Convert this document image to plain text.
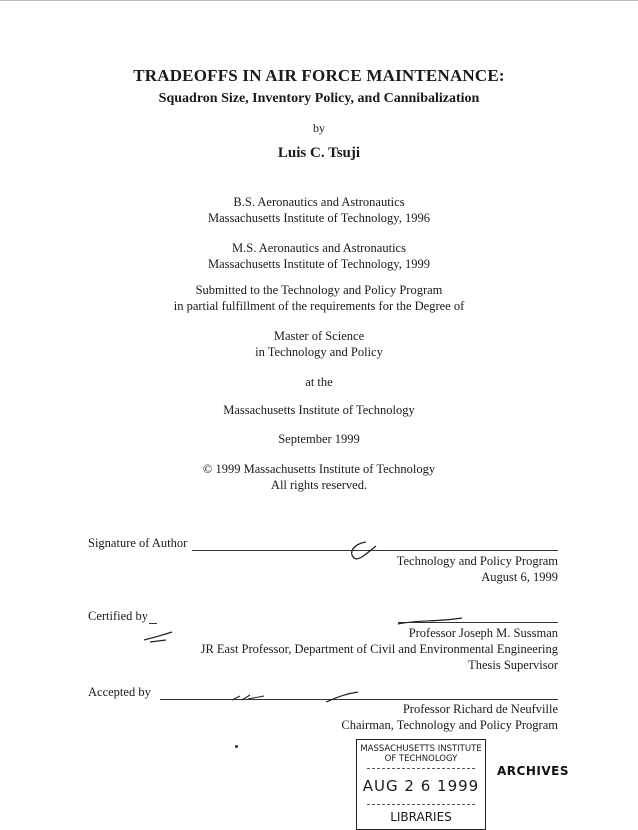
TRADEOFFS IN AIR FORCE MAINTENANCE:
Squadron Size, Inventory Policy, and Cannibalization
by
Luis C. Tsuji
B.S. Aeronautics and Astronautics
Massachusetts Institute of Technology, 1996
M.S. Aeronautics and Astronautics
Massachusetts Institute of Technology, 1999
Submitted to the Technology and Policy Program
in partial fulfillment of the requirements for the Degree of
Master of Science
in Technology and Policy
at the
Massachusetts Institute of Technology
September 1999
© 1999 Massachusetts Institute of Technology
All rights reserved.
Signature of Author
Technology and Policy Program
August 6, 1999
Certified by
Professor Joseph M. Sussman
JR East Professor, Department of Civil and Environmental Engineering
Thesis Supervisor
Accepted by
Professor Richard de Neufville
Chairman, Technology and Policy Program
MASSACHUSETTS INSTITUTE
OF TECHNOLOGY
AUG 2 6 1999
LIBRARIES
ARCHIVES
